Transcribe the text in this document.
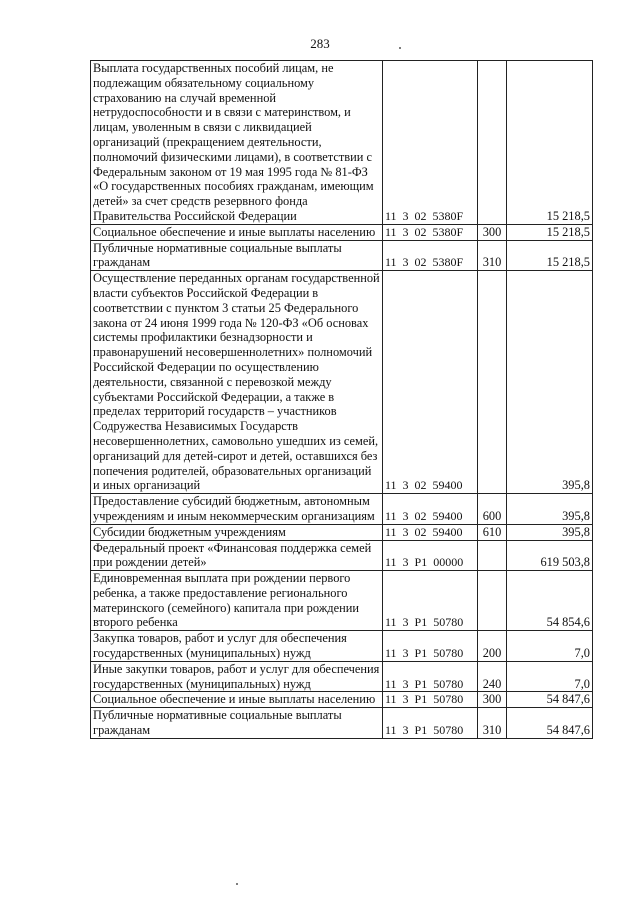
283
Выплата государственных пособий лицам, не подлежащим обязательному социальному страхованию на случай временной нетрудоспособности и в связи с материнством, и лицам, уволенным в связи с ликвидацией организаций (прекращением деятельности, полномочий физическими лицами), в соответствии с Федеральным законом от 19 мая 1995 года № 81-ФЗ «О государственных пособиях гражданам, имеющим детей» за счет средств резервного фонда Правительства Российской Федерации	11  3  02  5380F		15 218,5
Социальное обеспечение и иные выплаты населению	11  3  02  5380F	300	15 218,5
Публичные нормативные социальные выплаты гражданам	11  3  02  5380F	310	15 218,5
Осуществление переданных органам государственной власти субъектов Российской Федерации в соответствии с пунктом 3 статьи 25 Федерального закона от 24 июня 1999 года № 120-ФЗ «Об основах системы профилактики безнадзорности и правонарушений несовершеннолетних» полномочий Российской Федерации по осуществлению деятельности, связанной с перевозкой между субъектами Российской Федерации, а также в пределах территорий государств – участников Содружества Независимых Государств несовершеннолетних, самовольно ушедших из семей, организаций для детей-сирот и детей, оставшихся без попечения родителей, образовательных организаций и иных организаций	11  3  02  59400		395,8
Предоставление субсидий бюджетным, автономным учреждениям и иным некоммерческим организациям	11  3  02  59400	600	395,8
Субсидии бюджетным учреждениям	11  3  02  59400	610	395,8
Федеральный проект «Финансовая поддержка семей при рождении детей»	11  3  P1  00000		619 503,8
Единовременная выплата при рождении первого ребенка, а также предоставление регионального материнского (семейного) капитала при рождении второго ребенка	11  3  P1  50780		54 854,6
Закупка товаров, работ и услуг для обеспечения государственных (муниципальных) нужд	11  3  P1  50780	200	7,0
Иные закупки товаров, работ и услуг для обеспечения государственных (муниципальных) нужд	11  3  P1  50780	240	7,0
Социальное обеспечение и иные выплаты населению	11  3  P1  50780	300	54 847,6
Публичные нормативные социальные выплаты гражданам	11  3  P1  50780	310	54 847,6
